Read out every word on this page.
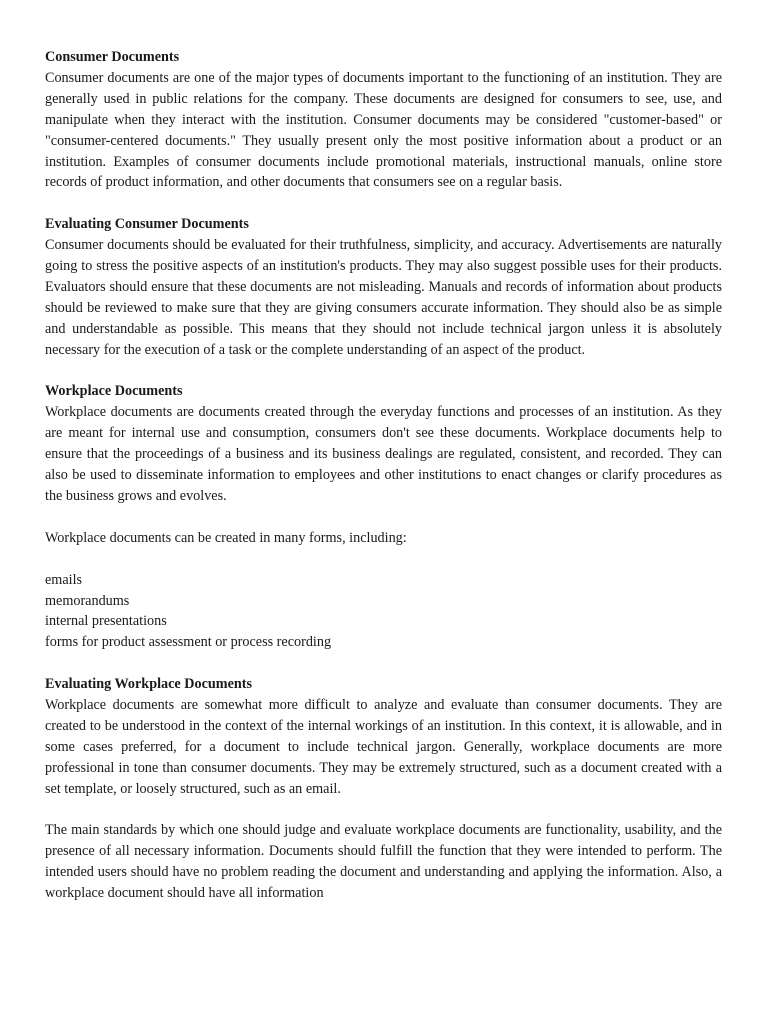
Consumer Documents

Consumer documents are one of the major types of documents important to the functioning of an institution. They are generally used in public relations for the company. These documents are designed for consumers to see, use, and manipulate when they interact with the institution. Consumer documents may be considered "customer-based" or "consumer-centered documents." They usually present only the most positive information about a product or an institution. Examples of consumer documents include promotional materials, instructional manuals, online store records of product information, and other documents that consumers see on a regular basis.

Evaluating Consumer Documents

Consumer documents should be evaluated for their truthfulness, simplicity, and accuracy. Advertisements are naturally going to stress the positive aspects of an institution's products. They may also suggest possible uses for their products. Evaluators should ensure that these documents are not misleading. Manuals and records of information about products should be reviewed to make sure that they are giving consumers accurate information. They should also be as simple and understandable as possible. This means that they should not include technical jargon unless it is absolutely necessary for the execution of a task or the complete understanding of an aspect of the product.

Workplace Documents

Workplace documents are documents created through the everyday functions and processes of an institution. As they are meant for internal use and consumption, consumers don't see these documents. Workplace documents help to ensure that the proceedings of a business and its business dealings are regulated, consistent, and recorded. They can also be used to disseminate information to employees and other institutions to enact changes or clarify procedures as the business grows and evolves.

Workplace documents can be created in many forms, including:

emails
memorandums
internal presentations
forms for product assessment or process recording

Evaluating Workplace Documents

Workplace documents are somewhat more difficult to analyze and evaluate than consumer documents. They are created to be understood in the context of the internal workings of an institution. In this context, it is allowable, and in some cases preferred, for a document to include technical jargon. Generally, workplace documents are more professional in tone than consumer documents. They may be extremely structured, such as a document created with a set template, or loosely structured, such as an email.

The main standards by which one should judge and evaluate workplace documents are functionality, usability, and the presence of all necessary information. Documents should fulfill the function that they were intended to perform. The intended users should have no problem reading the document and understanding and applying the information. Also, a workplace document should have all information
